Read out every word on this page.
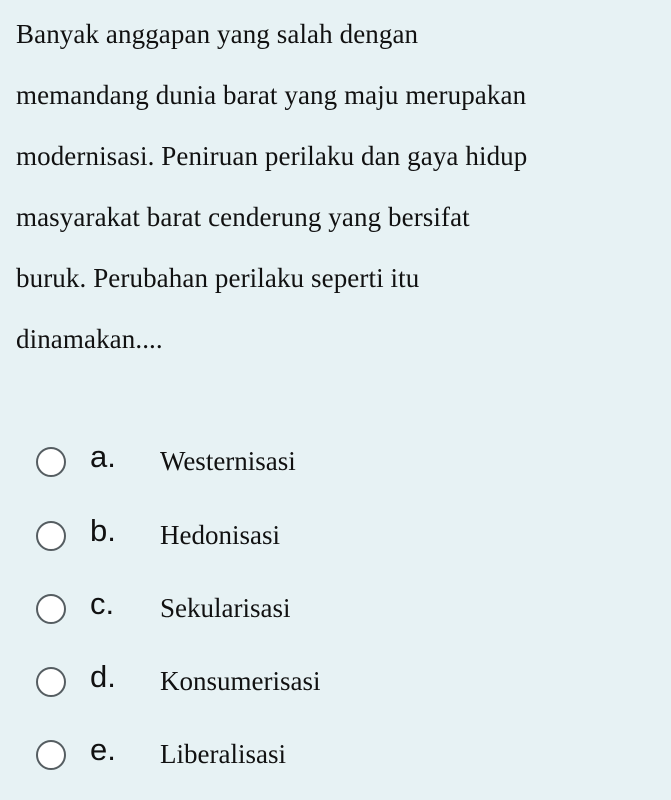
Banyak anggapan yang salah dengan
memandang dunia barat yang maju merupakan
modernisasi. Peniruan perilaku dan gaya hidup
masyarakat barat cenderung yang bersifat
buruk. Perubahan perilaku seperti itu
dinamakan....
a. Westernisasi
b. Hedonisasi
c. Sekularisasi
d. Konsumerisasi
e. Liberalisasi
